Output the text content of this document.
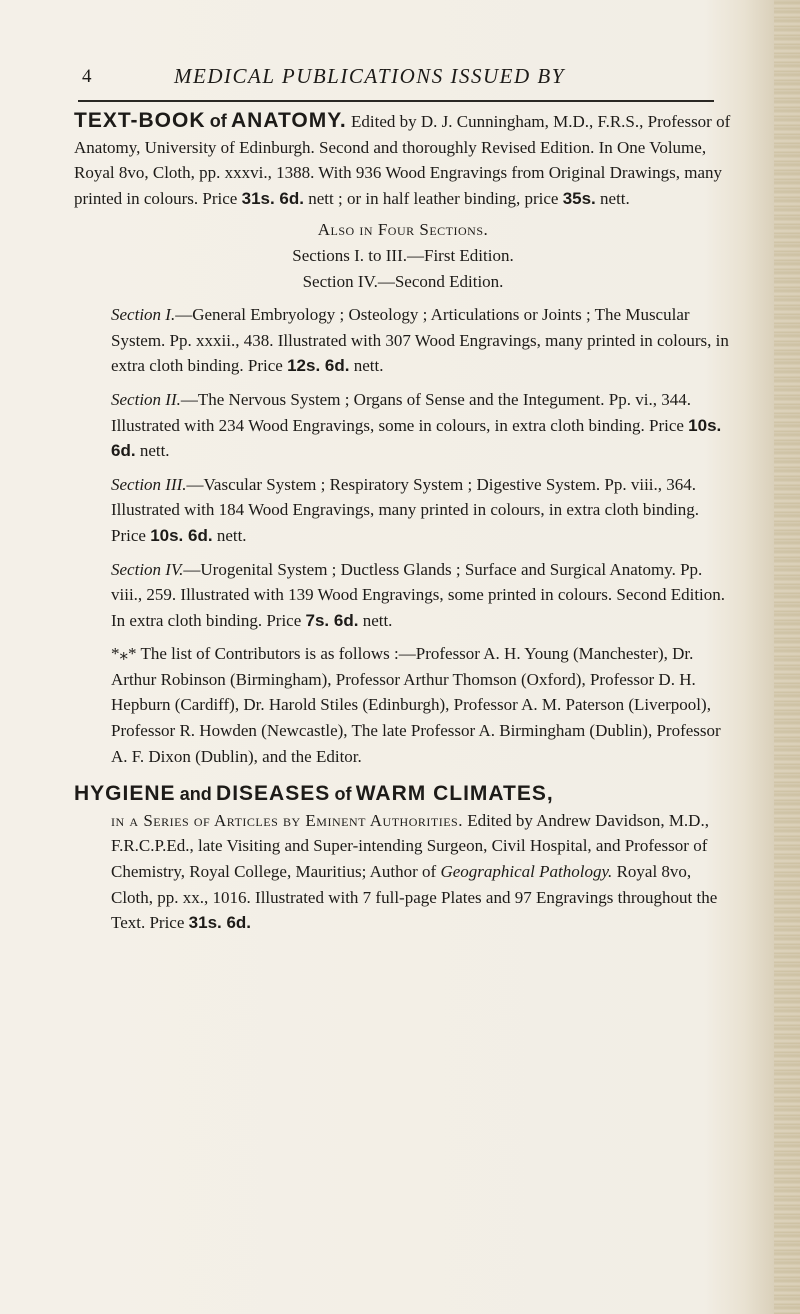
4	MEDICAL PUBLICATIONS ISSUED BY

TEXT-BOOK of ANATOMY. Edited by D. J. Cunningham, M.D., F.R.S., Professor of Anatomy, University of Edinburgh. Second and thoroughly Revised Edition. In One Volume, Royal 8vo, Cloth, pp. xxxvi., 1388. With 936 Wood Engravings from Original Drawings, many printed in colours. Price 31s. 6d. nett ; or in half leather binding, price 35s. nett.

Also in Four Sections.
Sections I. to III.—First Edition.
Section IV.—Second Edition.

Section I.—General Embryology ; Osteology ; Articulations or Joints ; The Muscular System. Pp. xxxii., 438. Illustrated with 307 Wood Engravings, many printed in colours, in extra cloth binding. Price 12s. 6d. nett.

Section II.—The Nervous System ; Organs of Sense and the Integument. Pp. vi., 344. Illustrated with 234 Wood Engravings, some in colours, in extra cloth binding. Price 10s. 6d. nett.

Section III.—Vascular System ; Respiratory System ; Digestive System. Pp. viii., 364. Illustrated with 184 Wood Engravings, many printed in colours, in extra cloth binding. Price 10s. 6d. nett.

Section IV.—Urogenital System ; Ductless Glands ; Surface and Surgical Anatomy. Pp. viii., 259. Illustrated with 139 Wood Engravings, some printed in colours. Second Edition. In extra cloth binding. Price 7s. 6d. nett.

*⁎* The list of Contributors is as follows :—Professor A. H. Young (Manchester), Dr. Arthur Robinson (Birmingham), Professor Arthur Thomson (Oxford), Professor D. H. Hepburn (Cardiff), Dr. Harold Stiles (Edinburgh), Professor A. M. Paterson (Liverpool), Professor R. Howden (Newcastle), The late Professor A. Birmingham (Dublin), Professor A. F. Dixon (Dublin), and the Editor.

HYGIENE and DISEASES of WARM CLIMATES,

in a Series of Articles by Eminent Authorities. Edited by Andrew Davidson, M.D., F.R.C.P.Ed., late Visiting and Super-intending Surgeon, Civil Hospital, and Professor of Chemistry, Royal College, Mauritius; Author of Geographical Pathology. Royal 8vo, Cloth, pp. xx., 1016. Illustrated with 7 full-page Plates and 97 Engravings throughout the Text. Price 31s. 6d.
